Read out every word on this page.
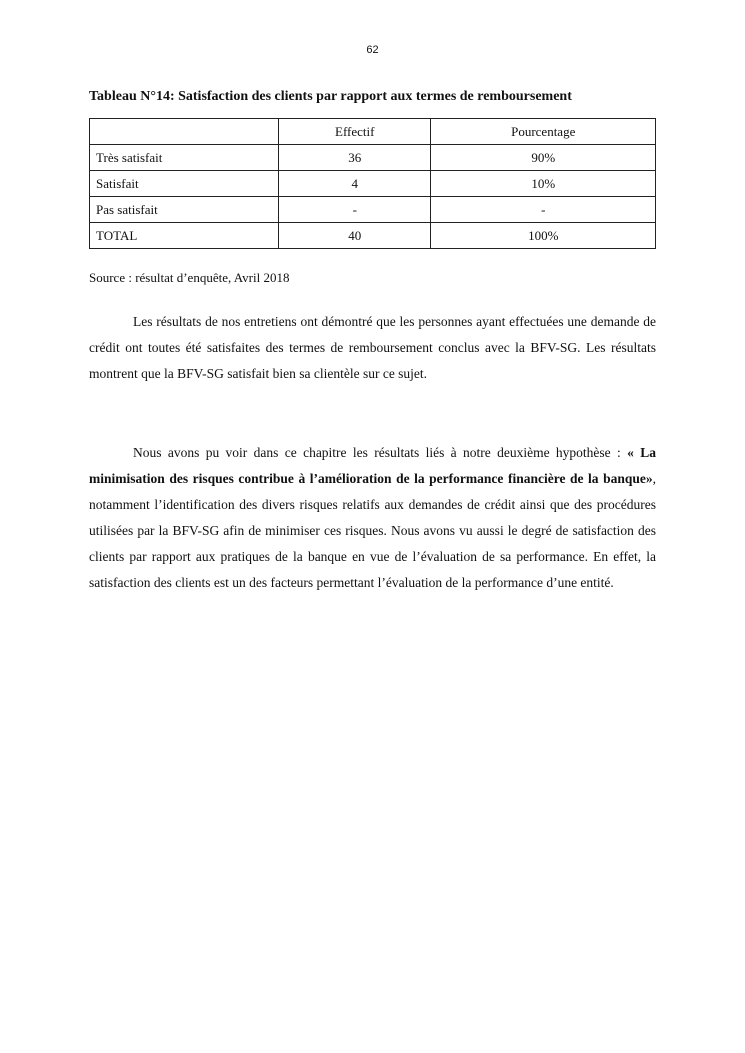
62
Tableau N°14: Satisfaction des clients par rapport aux termes de remboursement
	Effectif	Pourcentage
Très satisfait	36	90%
Satisfait	4	10%
Pas satisfait	-	-
TOTAL	40	100%
Source : résultat d’enquête, Avril 2018

Les résultats de nos entretiens ont démontré que les personnes ayant effectuées une demande de crédit ont toutes été satisfaites des termes de remboursement conclus avec la BFV-SG. Les résultats montrent que la BFV-SG satisfait bien sa clientèle sur ce sujet.

Nous avons pu voir dans ce chapitre les résultats liés à notre deuxième hypothèse : « La minimisation des risques contribue à l’amélioration de la performance financière de la banque», notamment l’identification des divers risques relatifs aux demandes de crédit ainsi que des procédures utilisées par la BFV-SG afin de minimiser ces risques. Nous avons vu aussi le degré de satisfaction des clients par rapport aux pratiques de la banque en vue de l’évaluation de sa performance. En effet, la satisfaction des clients est un des facteurs permettant l’évaluation de la performance d’une entité.
